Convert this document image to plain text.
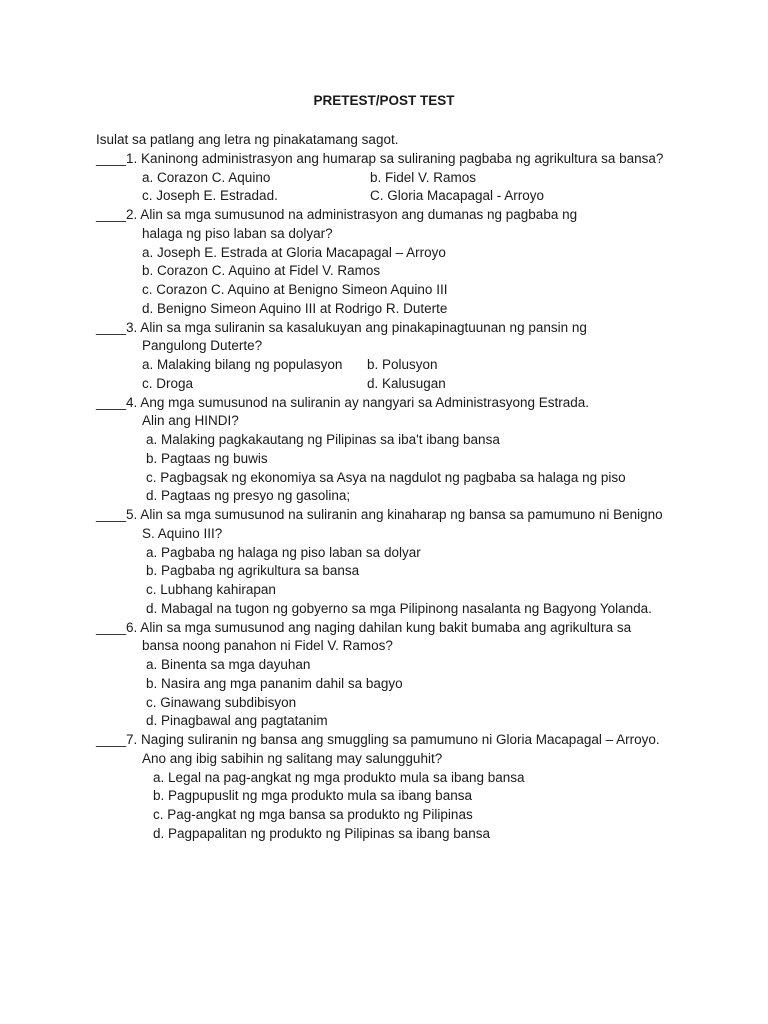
PRETEST/POST TEST
Isulat sa patlang ang letra ng pinakatamang sagot.
____1. Kaninong administrasyon ang humarap sa suliraning pagbaba ng agrikultura sa bansa?
a. Corazon C. Aquino	b. Fidel V. Ramos
c. Joseph E. Estradad.	C. Gloria Macapagal - Arroyo
____2. Alin sa mga sumusunod na administrasyon ang dumanas ng pagbaba ng
halaga ng piso laban sa dolyar?
a. Joseph E. Estrada at Gloria Macapagal – Arroyo
b. Corazon C. Aquino at Fidel V. Ramos
c. Corazon C. Aquino at Benigno Simeon Aquino III
d. Benigno Simeon Aquino III at Rodrigo R. Duterte
____3. Alin sa mga suliranin sa kasalukuyan ang pinakapinagtuunan ng pansin ng
Pangulong Duterte?
a. Malaking bilang ng populasyon	b. Polusyon
c. Droga	d. Kalusugan
____4. Ang mga sumusunod na suliranin ay nangyari sa Administrasyong Estrada.
Alin ang HINDI?
a. Malaking pagkakautang ng Pilipinas sa iba't ibang bansa
b. Pagtaas ng buwis
c. Pagbagsak ng ekonomiya sa Asya na nagdulot ng pagbaba sa halaga ng piso
d. Pagtaas ng presyo ng gasolina;
____5. Alin sa mga sumusunod na suliranin ang kinaharap ng bansa sa pamumuno ni Benigno
S. Aquino III?
a. Pagbaba ng halaga ng piso laban sa dolyar
b. Pagbaba ng agrikultura sa bansa
c. Lubhang kahirapan
d. Mabagal na tugon ng gobyerno sa mga Pilipinong nasalanta ng Bagyong Yolanda.
____6. Alin sa mga sumusunod ang naging dahilan kung bakit bumaba ang agrikultura sa
bansa noong panahon ni Fidel V. Ramos?
a. Binenta sa mga dayuhan
b. Nasira ang mga pananim dahil sa bagyo
c. Ginawang subdibisyon
d. Pinagbawal ang pagtatanim
____7. Naging suliranin ng bansa ang smuggling sa pamumuno ni Gloria Macapagal – Arroyo.
Ano ang ibig sabihin ng salitang may salungguhit?
a. Legal na pag-angkat ng mga produkto mula sa ibang bansa
b. Pagpupuslit ng mga produkto mula sa ibang bansa
c. Pag-angkat ng mga bansa sa produkto ng Pilipinas
d. Pagpapalitan ng produkto ng Pilipinas sa ibang bansa
